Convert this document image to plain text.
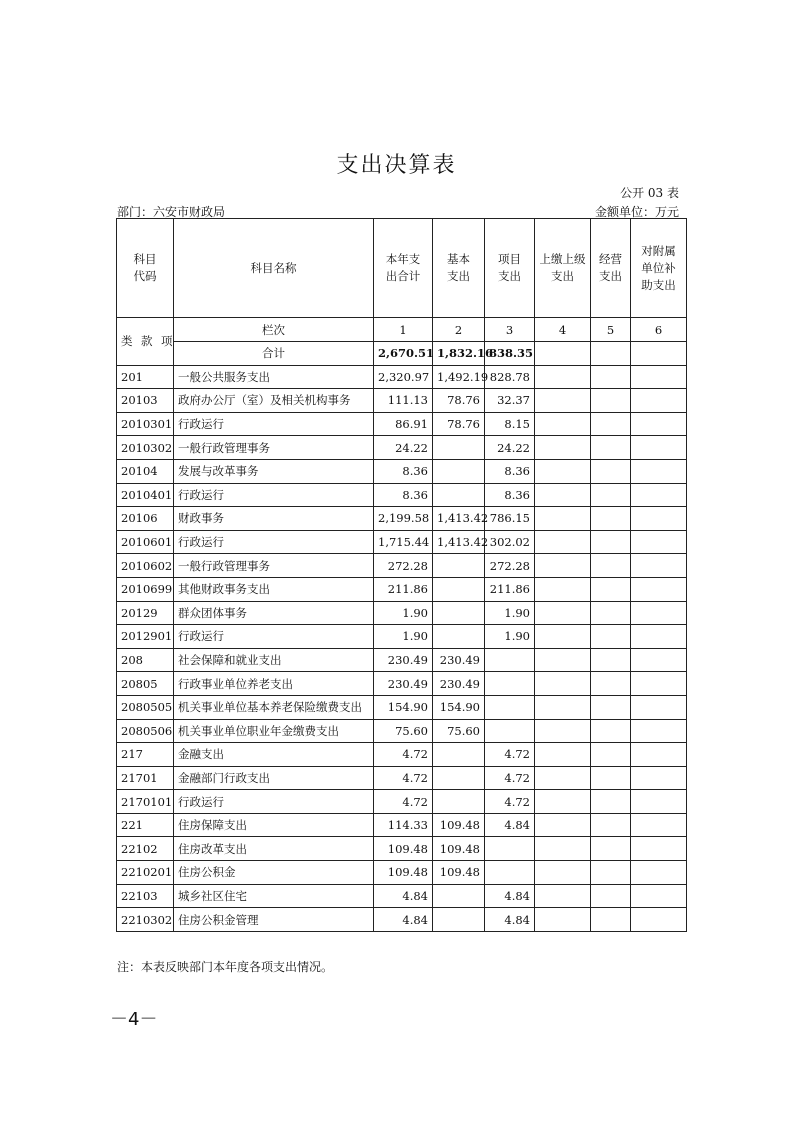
支出决算表
公开 03 表
部门：六安市财政局	金额单位：万元
科目代码	科目名称	本年支出合计	基本支出	项目支出	上缴上级支出	经营支出	对附属单位补助支出

类 款 项	栏次	1	2	3	4	5	6
	合计	2,670.51	1,832.16	838.35			
201	一般公共服务支出	2,320.97	1,492.19	828.78			
20103	政府办公厅（室）及相关机构事务	111.13	78.76	32.37			
2010301	行政运行	86.91	78.76	8.15			
2010302	一般行政管理事务	24.22		24.22			
20104	发展与改革事务	8.36		8.36			
2010401	行政运行	8.36		8.36			
20106	财政事务	2,199.58	1,413.42	786.15			
2010601	行政运行	1,715.44	1,413.42	302.02			
2010602	一般行政管理事务	272.28		272.28			
2010699	其他财政事务支出	211.86		211.86			
20129	群众团体事务	1.90		1.90			
2012901	行政运行	1.90		1.90			
208	社会保障和就业支出	230.49	230.49				
20805	行政事业单位养老支出	230.49	230.49				
2080505	机关事业单位基本养老保险缴费支出	154.90	154.90				
2080506	机关事业单位职业年金缴费支出	75.60	75.60				
217	金融支出	4.72		4.72			
21701	金融部门行政支出	4.72		4.72			
2170101	行政运行	4.72		4.72			
221	住房保障支出	114.33	109.48	4.84			
22102	住房改革支出	109.48	109.48				
2210201	住房公积金	109.48	109.48				
22103	城乡社区住宅	4.84		4.84			
2210302	住房公积金管理	4.84		4.84			
注：本表反映部门本年度各项支出情况。
－4－
